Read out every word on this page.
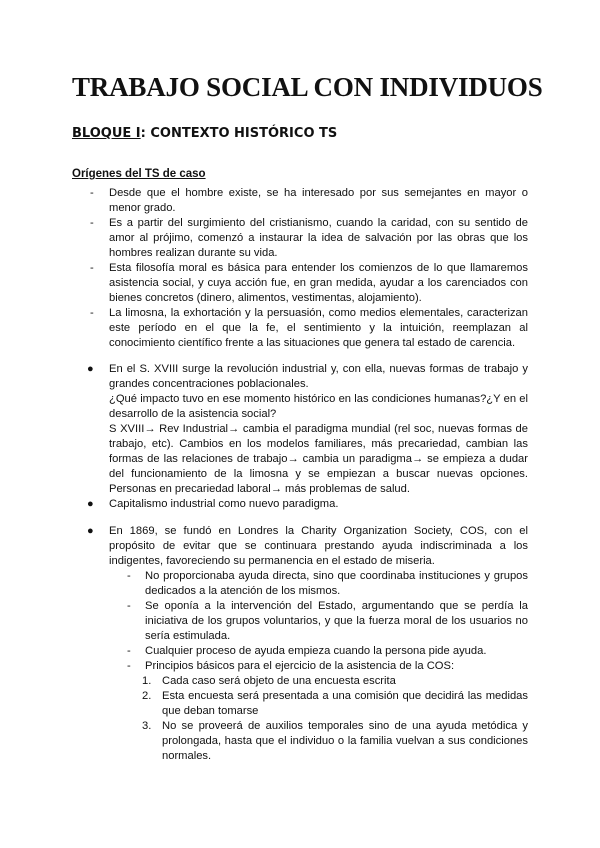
TRABAJO SOCIAL CON INDIVIDUOS
BLOQUE I: CONTEXTO HISTÓRICO TS
Orígenes del TS de caso
- Desde que el hombre existe, se ha interesado por sus semejantes en mayor o menor grado.
- Es a partir del surgimiento del cristianismo, cuando la caridad, con su sentido de amor al prójimo, comenzó a instaurar la idea de salvación por las obras que los hombres realizan durante su vida.
- Esta filosofía moral es básica para entender los comienzos de lo que llamaremos asistencia social, y cuya acción fue, en gran medida, ayudar a los carenciados con bienes concretos (dinero, alimentos, vestimentas, alojamiento).
- La limosna, la exhortación y la persuasión, como medios elementales, caracterizan este período en el que la fe, el sentimiento y la intuición, reemplazan al conocimiento científico frente a las situaciones que genera tal estado de carencia.
● En el S. XVIII surge la revolución industrial y, con ella, nuevas formas de trabajo y grandes concentraciones poblacionales.

¿Qué impacto tuvo en ese momento histórico en las condiciones humanas?¿Y en el desarrollo de la asistencia social?

S XVIII→ Rev Industrial→ cambia el paradigma mundial (rel soc, nuevas formas de trabajo, etc). Cambios en los modelos familiares, más precariedad, cambian las formas de las relaciones de trabajo→ cambia un paradigma→ se empieza a dudar del funcionamiento de la limosna y se empiezan a buscar nuevas opciones. Personas en precariedad laboral→ más problemas de salud.

● Capitalismo industrial como nuevo paradigma.

● En 1869, se fundó en Londres la Charity Organization Society, COS, con el propósito de evitar que se continuara prestando ayuda indiscriminada a los indigentes, favoreciendo su permanencia en el estado de miseria.

- No proporcionaba ayuda directa, sino que coordinaba instituciones y grupos dedicados a la atención de los mismos.
- Se oponía a la intervención del Estado, argumentando que se perdía la iniciativa de los grupos voluntarios, y que la fuerza moral de los usuarios no sería estimulada.
- Cualquier proceso de ayuda empieza cuando la persona pide ayuda.
- Principios básicos para el ejercicio de la asistencia de la COS:
1. Cada caso será objeto de una encuesta escrita
2. Esta encuesta será presentada a una comisión que decidirá las medidas que deban tomarse
3. No se proveerá de auxilios temporales sino de una ayuda metódica y prolongada, hasta que el individuo o la familia vuelvan a sus condiciones normales.
